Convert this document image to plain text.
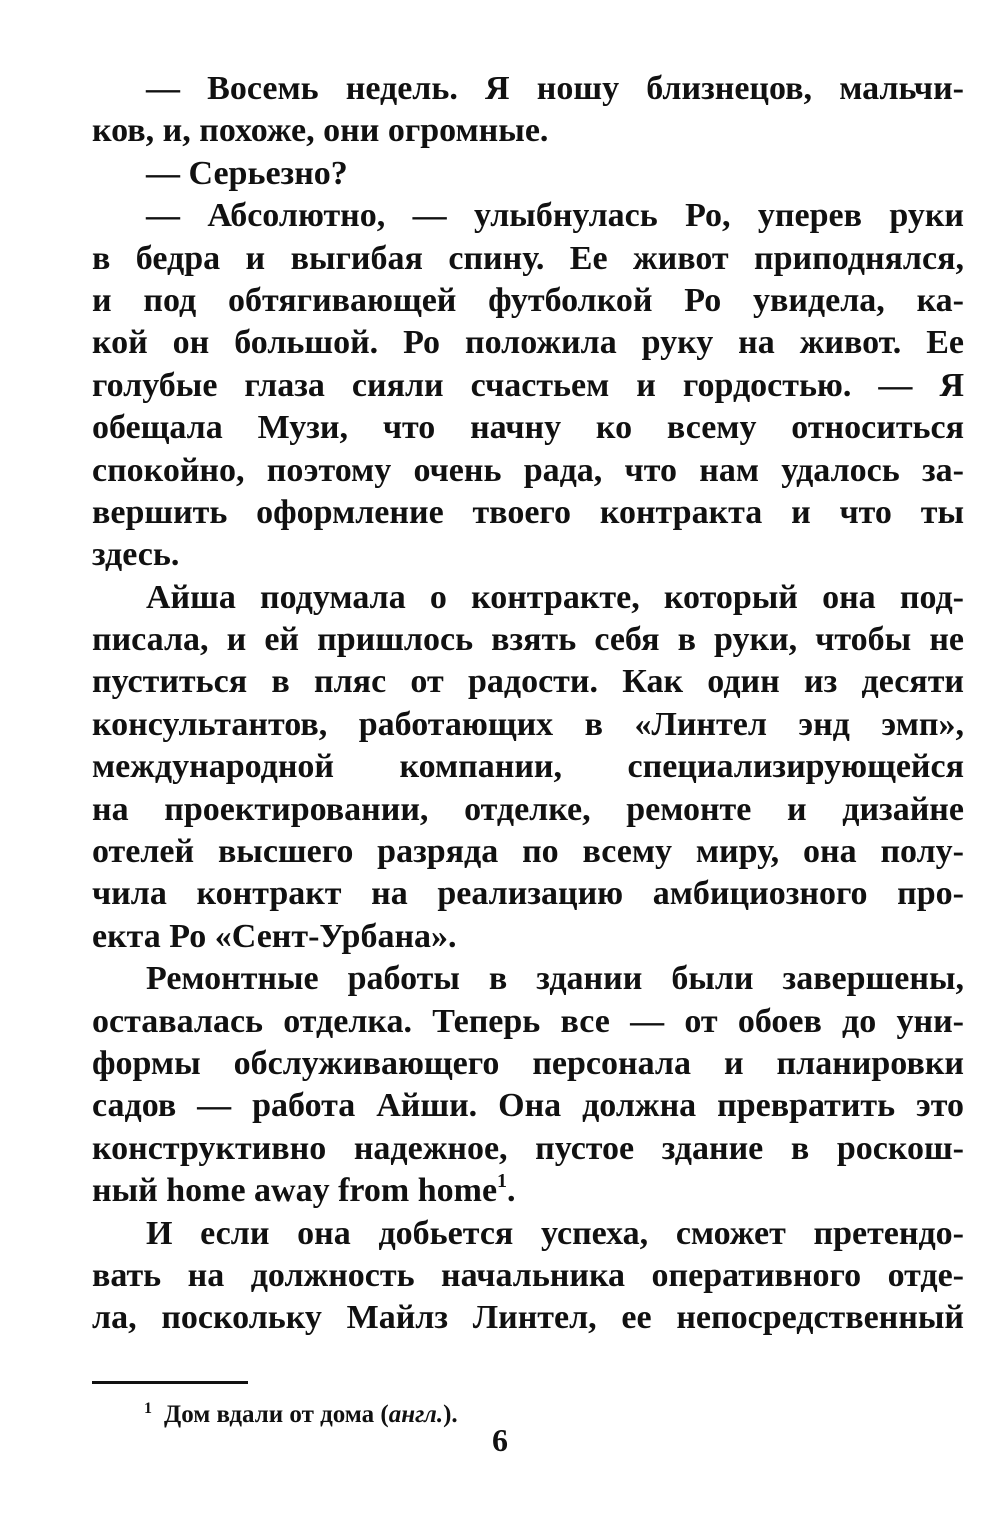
— Восемь недель. Я ношу близнецов, мальчи-
ков, и, похоже, они огромные.
— Серьезно?
— Абсолютно, — улыбнулась Ро, уперев руки
в бедра и выгибая спину. Ее живот приподнялся,
и под обтягивающей футболкой Ро увидела, ка-
кой он большой. Ро положила руку на живот. Ее
голубые глаза сияли счастьем и гордостью. — Я
обещала Музи, что начну ко всему относиться
спокойно, поэтому очень рада, что нам удалось за-
вершить оформление твоего контракта и что ты
здесь.
Айша подумала о контракте, который она под-
писала, и ей пришлось взять себя в руки, чтобы не
пуститься в пляс от радости. Как один из десяти
консультантов, работающих в «Линтел энд эмп»,
международной компании, специализирующейся
на проектировании, отделке, ремонте и дизайне
отелей высшего разряда по всему миру, она полу-
чила контракт на реализацию амбициозного про-
екта Ро «Сент-Урбана».
Ремонтные работы в здании были завершены,
оставалась отделка. Теперь все — от обоев до уни-
формы обслуживающего персонала и планировки
садов — работа Айши. Она должна превратить это
конструктивно надежное, пустое здание в роскош-
ный home away from home$^1$.
И если она добьется успеха, сможет претендо-
вать на должность начальника оперативного отде-
ла, поскольку Майлз Линтел, ее непосредственный
$^1$ Дом вдали от дома (англ.).
6
